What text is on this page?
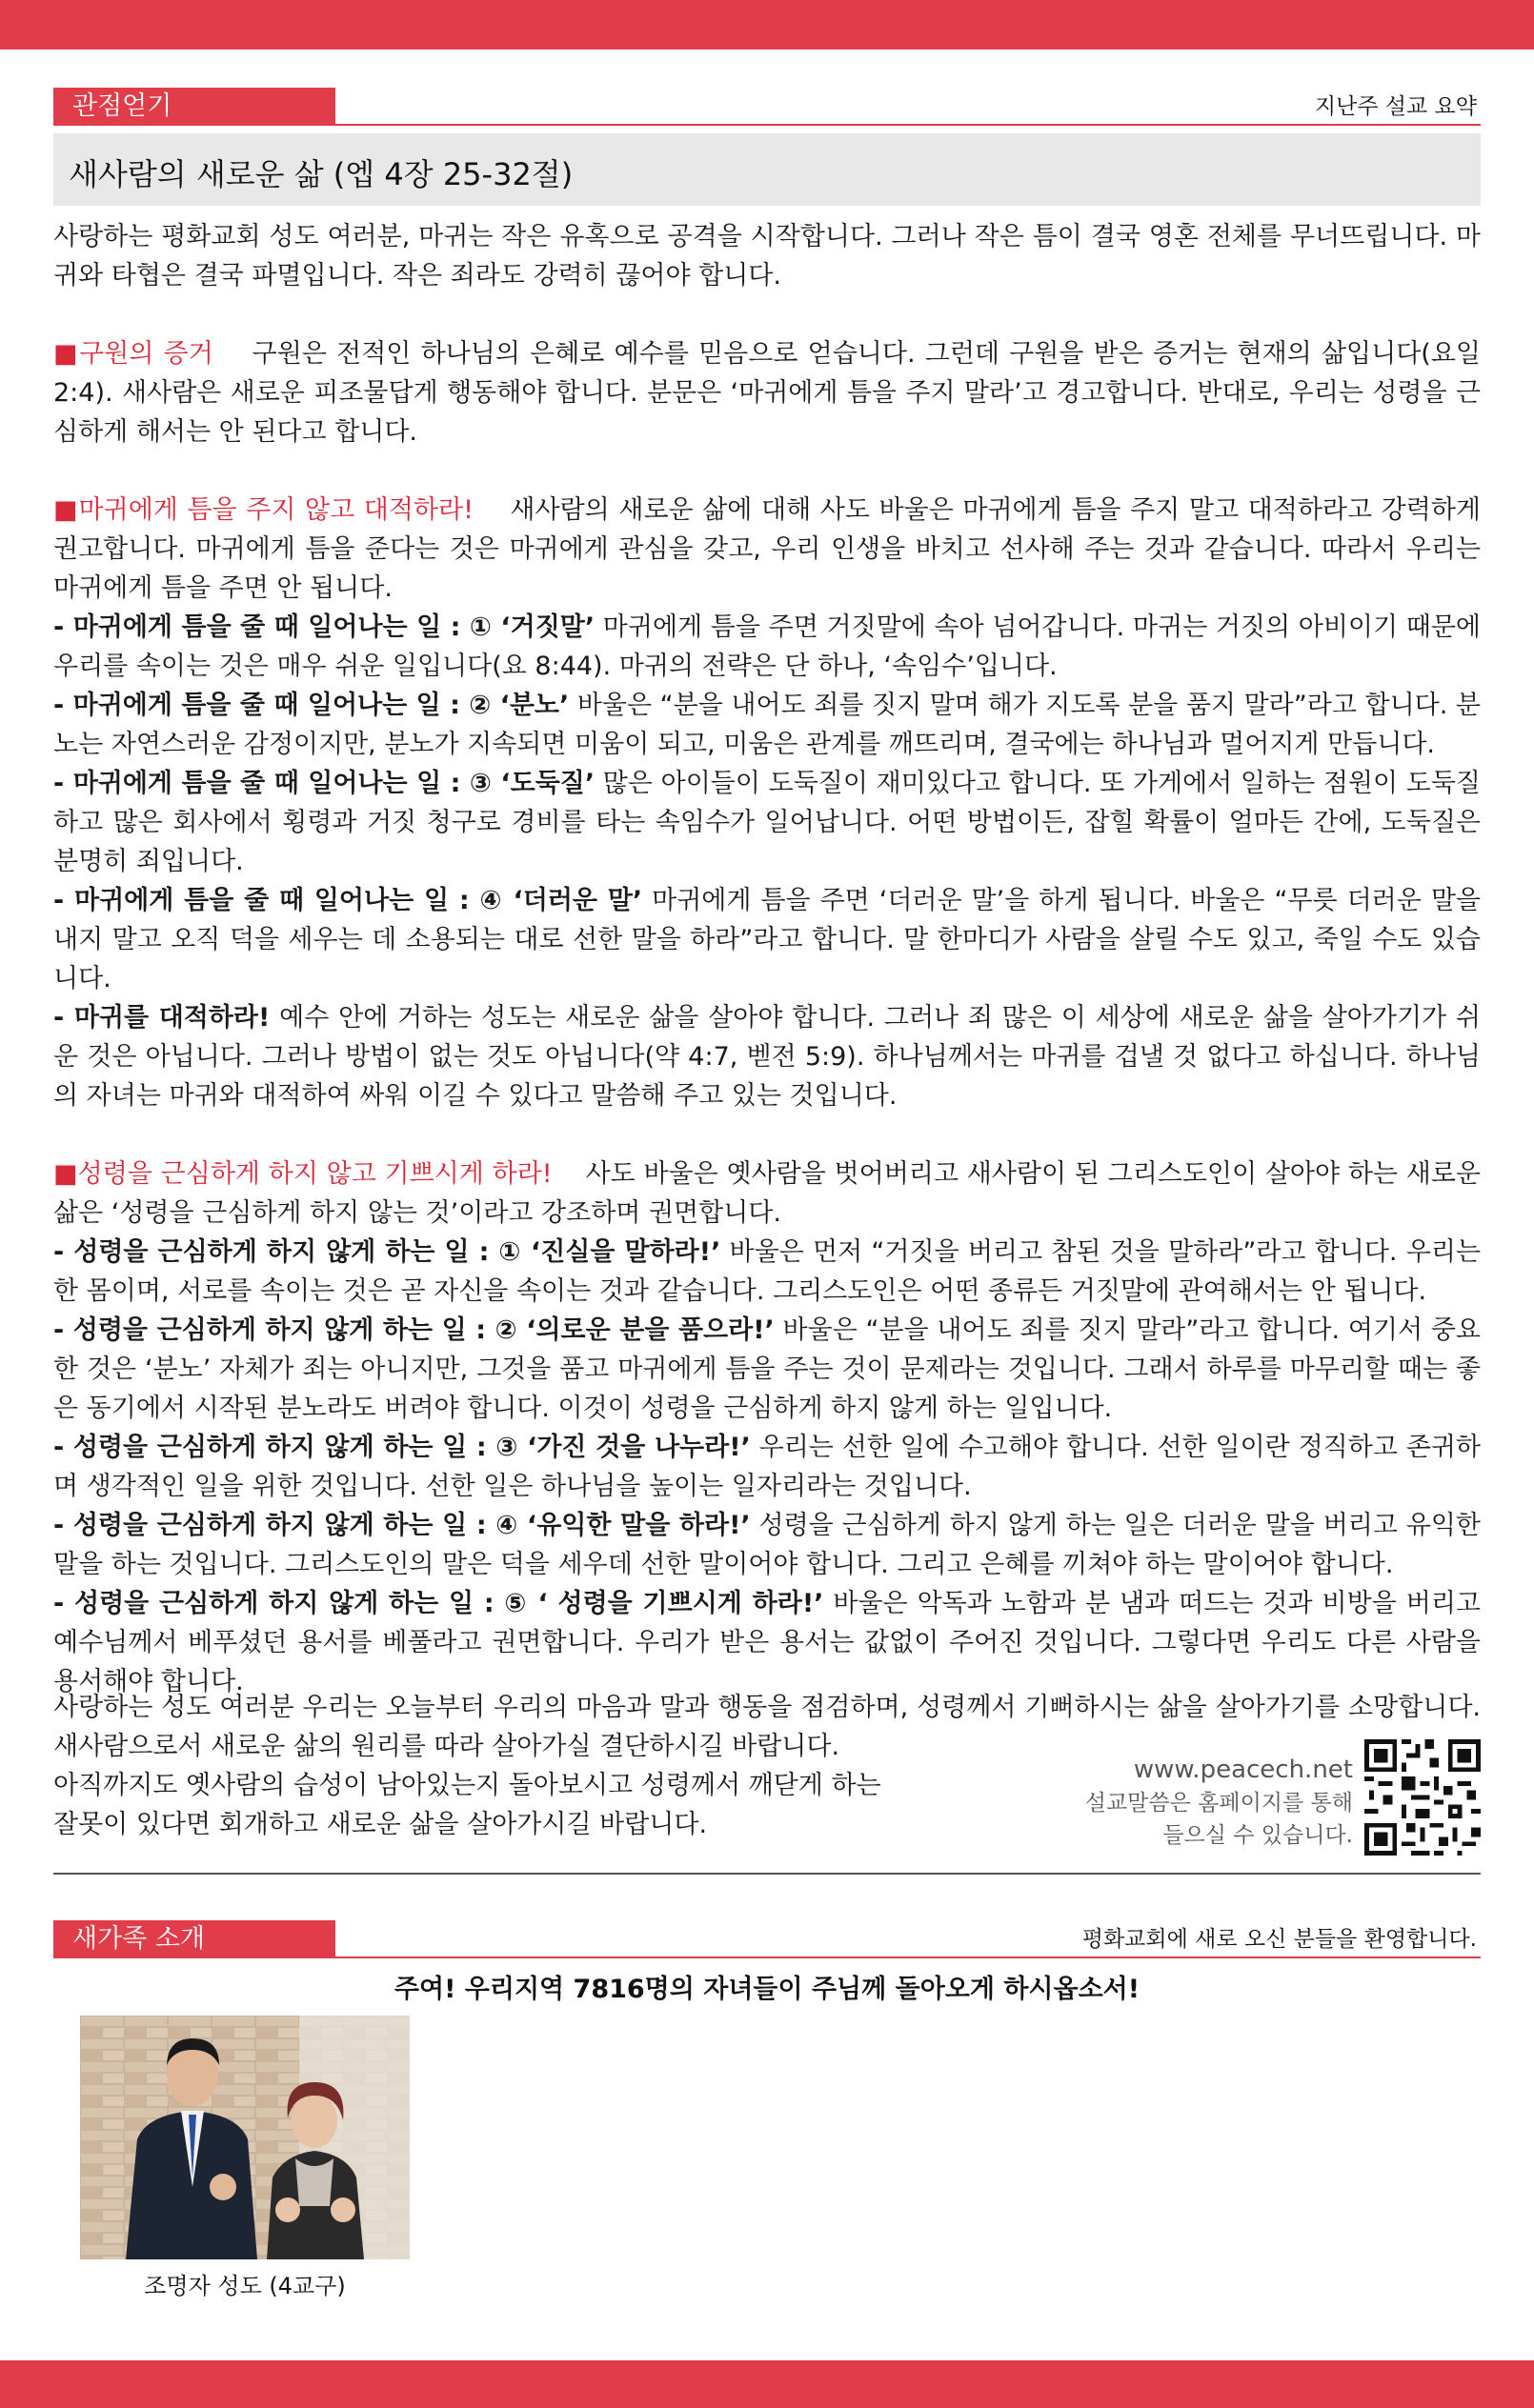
관점얻기	지난주 설교 요약
새사람의 새로운 삶 (엡 4장 25-32절)

사랑하는 평화교회 성도 여러분, 마귀는 작은 유혹으로 공격을 시작합니다. 그러나 작은 틈이 결국 영혼 전체를 무너뜨립니다. 마귀와 타협은 결국 파멸입니다. 작은 죄라도 강력히 끊어야 합니다.

■구원의 증거 구원은 전적인 하나님의 은혜로 예수를 믿음으로 얻습니다. 그런데 구원을 받은 증거는 현재의 삶입니다(요일 2:4). 새사람은 새로운 피조물답게 행동해야 합니다. 분문은 ‘마귀에게 틈을 주지 말라’고 경고합니다. 반대로, 우리는 성령을 근심하게 해서는 안 된다고 합니다.

■마귀에게 틈을 주지 않고 대적하라! 새사람의 새로운 삶에 대해 사도 바울은 마귀에게 틈을 주지 말고 대적하라고 강력하게 권고합니다. 마귀에게 틈을 준다는 것은 마귀에게 관심을 갖고, 우리 인생을 바치고 선사해 주는 것과 같습니다. 따라서 우리는 마귀에게 틈을 주면 안 됩니다.

- 마귀에게 틈을 줄 때 일어나는 일 : ① ‘거짓말’ 마귀에게 틈을 주면 거짓말에 속아 넘어갑니다. 마귀는 거짓의 아비이기 때문에 우리를 속이는 것은 매우 쉬운 일입니다(요 8:44). 마귀의 전략은 단 하나, ‘속임수’입니다.

- 마귀에게 틈을 줄 때 일어나는 일 : ② ‘분노’ 바울은 “분을 내어도 죄를 짓지 말며 해가 지도록 분을 품지 말라”라고 합니다. 분노는 자연스러운 감정이지만, 분노가 지속되면 미움이 되고, 미움은 관계를 깨뜨리며, 결국에는 하나님과 멀어지게 만듭니다.

- 마귀에게 틈을 줄 때 일어나는 일 : ③ ‘도둑질’ 많은 아이들이 도둑질이 재미있다고 합니다. 또 가게에서 일하는 점원이 도둑질하고 많은 회사에서 횡령과 거짓 청구로 경비를 타는 속임수가 일어납니다. 어떤 방법이든, 잡힐 확률이 얼마든 간에, 도둑질은 분명히 죄입니다.

- 마귀에게 틈을 줄 때 일어나는 일 : ④ ‘더러운 말’ 마귀에게 틈을 주면 ‘더러운 말’을 하게 됩니다. 바울은 “무릇 더러운 말을 내지 말고 오직 덕을 세우는 데 소용되는 대로 선한 말을 하라”라고 합니다. 말 한마디가 사람을 살릴 수도 있고, 죽일 수도 있습니다.

- 마귀를 대적하라! 예수 안에 거하는 성도는 새로운 삶을 살아야 합니다. 그러나 죄 많은 이 세상에 새로운 삶을 살아가기가 쉬운 것은 아닙니다. 그러나 방법이 없는 것도 아닙니다(약 4:7, 벧전 5:9). 하나님께서는 마귀를 겁낼 것 없다고 하십니다. 하나님의 자녀는 마귀와 대적하여 싸워 이길 수 있다고 말씀해 주고 있는 것입니다.

■성령을 근심하게 하지 않고 기쁘시게 하라! 사도 바울은 옛사람을 벗어버리고 새사람이 된 그리스도인이 살아야 하는 새로운 삶은 ‘성령을 근심하게 하지 않는 것’이라고 강조하며 권면합니다.

- 성령을 근심하게 하지 않게 하는 일 : ① ‘진실을 말하라!’ 바울은 먼저 “거짓을 버리고 참된 것을 말하라”라고 합니다. 우리는 한 몸이며, 서로를 속이는 것은 곧 자신을 속이는 것과 같습니다. 그리스도인은 어떤 종류든 거짓말에 관여해서는 안 됩니다.

- 성령을 근심하게 하지 않게 하는 일 : ② ‘의로운 분을 품으라!’ 바울은 “분을 내어도 죄를 짓지 말라”라고 합니다. 여기서 중요한 것은 ‘분노’ 자체가 죄는 아니지만, 그것을 품고 마귀에게 틈을 주는 것이 문제라는 것입니다. 그래서 하루를 마무리할 때는 좋은 동기에서 시작된 분노라도 버려야 합니다. 이것이 성령을 근심하게 하지 않게 하는 일입니다.

- 성령을 근심하게 하지 않게 하는 일 : ③ ‘가진 것을 나누라!’ 우리는 선한 일에 수고해야 합니다. 선한 일이란 정직하고 존귀하며 생각적인 일을 위한 것입니다. 선한 일은 하나님을 높이는 일자리라는 것입니다.

- 성령을 근심하게 하지 않게 하는 일 : ④ ‘유익한 말을 하라!’ 성령을 근심하게 하지 않게 하는 일은 더러운 말을 버리고 유익한 말을 하는 것입니다. 그리스도인의 말은 덕을 세우데 선한 말이어야 합니다. 그리고 은혜를 끼쳐야 하는 말이어야 합니다.

- 성령을 근심하게 하지 않게 하는 일 : ⑤ ‘ 성령을 기쁘시게 하라!’ 바울은 악독과 노함과 분 냄과 떠드는 것과 비방을 버리고 예수님께서 베푸셨던 용서를 베풀라고 권면합니다. 우리가 받은 용서는 값없이 주어진 것입니다. 그렇다면 우리도 다른 사람을 용서해야 합니다.

사랑하는 성도 여러분 우리는 오늘부터 우리의 마음과 말과 행동을 점검하며, 성령께서 기뻐하시는 삶을 살아가기를 소망합니다. 새사람으로서 새로운 삶의 원리를 따라 살아가실 결단하시길 바랍니다.
아직까지도 옛사람의 습성이 남아있는지 돌아보시고 성령께서 깨닫게 하는
잘못이 있다면 회개하고 새로운 삶을 살아가시길 바랍니다.
www.peacech.net
설교말씀은 홈페이지를 통해
들으실 수 있습니다.
새가족 소개	평화교회에 새로 오신 분들을 환영합니다.
주여! 우리지역 7816명의 자녀들이 주님께 돌아오게 하시옵소서!
조명자 성도 (4교구)
